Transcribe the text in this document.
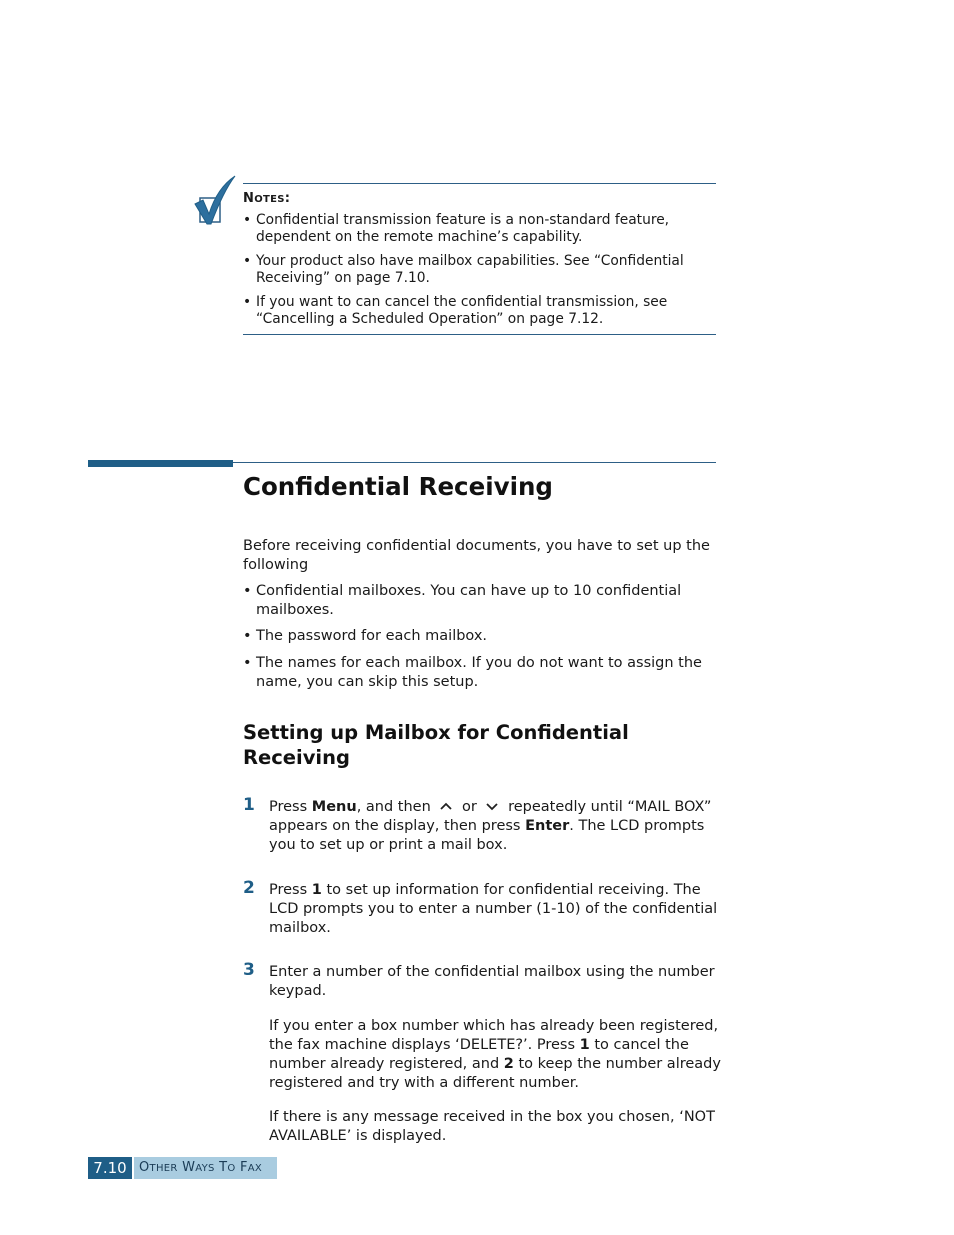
NOTES:
• Confidential transmission feature is a non-standard feature, dependent on the remote machine’s capability.
• Your product also have mailbox capabilities. See “Confidential Receiving” on page 7.10.
• If you want to can cancel the confidential transmission, see “Cancelling a Scheduled Operation” on page 7.12.
Confidential Receiving
Before receiving confidential documents, you have to set up the following
• Confidential mailboxes. You can have up to 10 confidential mailboxes.
• The password for each mailbox.
• The names for each mailbox. If you do not want to assign the name, you can skip this setup.
Setting up Mailbox for Confidential Receiving
1 Press Menu, and then  or  repeatedly until “MAIL BOX” appears on the display, then press Enter. The LCD prompts you to set up or print a mail box.
2 Press 1 to set up information for confidential receiving. The LCD prompts you to enter a number (1-10) of the confidential mailbox.
3 Enter a number of the confidential mailbox using the number keypad.
If you enter a box number which has already been registered, the fax machine displays ‘DELETE?’. Press 1 to cancel the number already registered, and 2 to keep the number already registered and try with a different number.
If there is any message received in the box you chosen, ‘NOT AVAILABLE’ is displayed.
7.10 OTHER WAYS TO FAX
